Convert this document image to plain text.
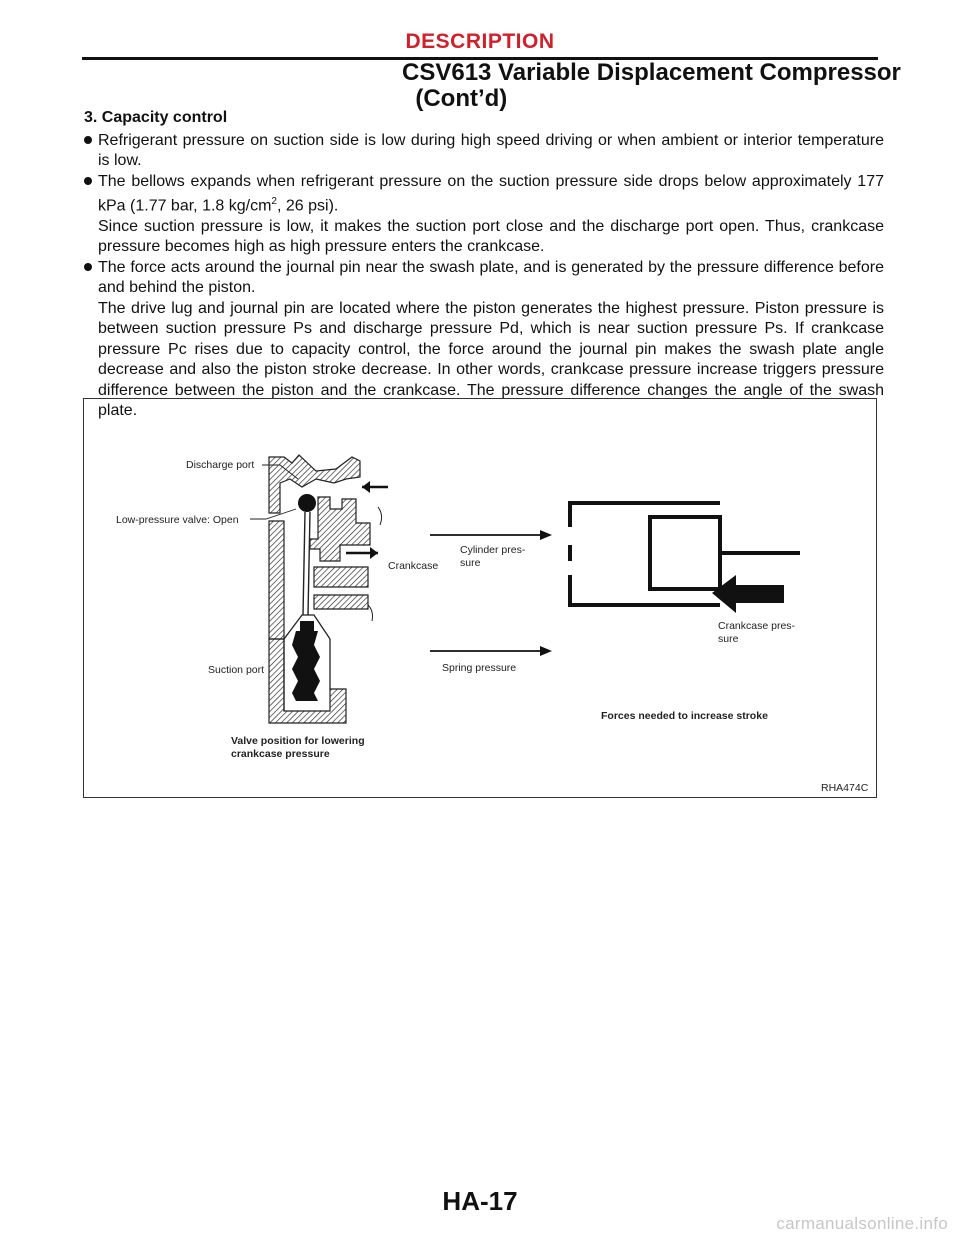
DESCRIPTION
CSV613 Variable Displacement Compressor
(Cont’d)
3. Capacity control

Refrigerant pressure on suction side is low during high speed driving or when ambient or interior temperature is low.

The bellows expands when refrigerant pressure on the suction pressure side drops below approximately 177 kPa (1.77 bar, 1.8 $kg/cm^2$, 26 psi).

Since suction pressure is low, it makes the suction port close and the discharge port open. Thus, crankcase pressure becomes high as high pressure enters the crankcase.

The force acts around the journal pin near the swash plate, and is generated by the pressure difference before and behind the piston.

The drive lug and journal pin are located where the piston generates the highest pressure. Piston pressure is between suction pressure Ps and discharge pressure Pd, which is near suction pressure Ps. If crankcase pressure Pc rises due to capacity control, the force around the journal pin makes the swash plate angle decrease and also the piston stroke decrease. In other words, crankcase pressure increase triggers pressure difference between the piston and the crankcase. The pressure difference changes the angle of the swash plate.

Discharge port
Low-pressure valve: Open
Crankcase
Suction port
Valve position for lowering
crankcase pressure
Cylinder pres-
sure
Spring pressure
Crankcase pres-
sure
Forces needed to increase stroke
RHA474C
HA-17
carmanualsonline.info
